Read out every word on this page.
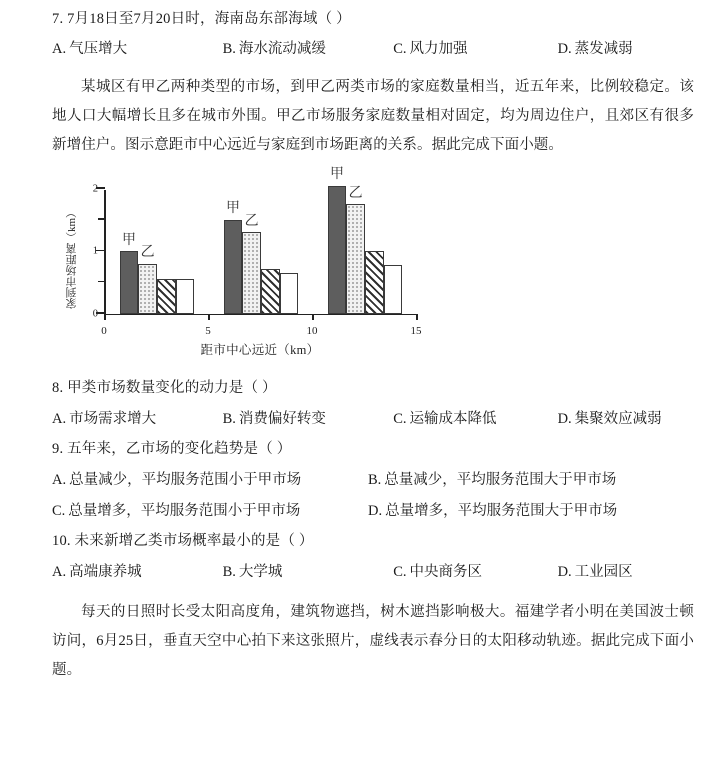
7. 7月18日至7月20日时，海南岛东部海域（ ）
A. 气压增大	B. 海水流动减缓	C. 风力加强	D. 蒸发减弱
某城区有甲乙两种类型的市场，到甲乙两类市场的家庭数量相当，近五年来，比例较稳定。该地人口大幅增长且多在城市外围。甲乙市场服务家庭数量相对固定，均为周边住户，且郊区有很多新增住户。图示意距市中心远近与家庭到市场距离的关系。据此完成下面小题。
家到市场距离（km）
0
1
2
0	5	10	15
甲
乙
甲
乙
甲
乙
距市中心远近（km）
8. 甲类市场数量变化的动力是（ ）
A. 市场需求增大	B. 消费偏好转变	C. 运输成本降低	D. 集聚效应减弱
9. 五年来，乙市场的变化趋势是（ ）
A. 总量减少，平均服务范围小于甲市场	B. 总量减少，平均服务范围大于甲市场
C. 总量增多，平均服务范围小于甲市场	D. 总量增多，平均服务范围大于甲市场
10. 未来新增乙类市场概率最小的是（ ）
A. 高端康养城	B. 大学城	C. 中央商务区	D. 工业园区
每天的日照时长受太阳高度角，建筑物遮挡，树木遮挡影响极大。福建学者小明在美国波士顿访问，6月25日，垂直天空中心拍下来这张照片，虚线表示春分日的太阳移动轨迹。据此完成下面小题。
